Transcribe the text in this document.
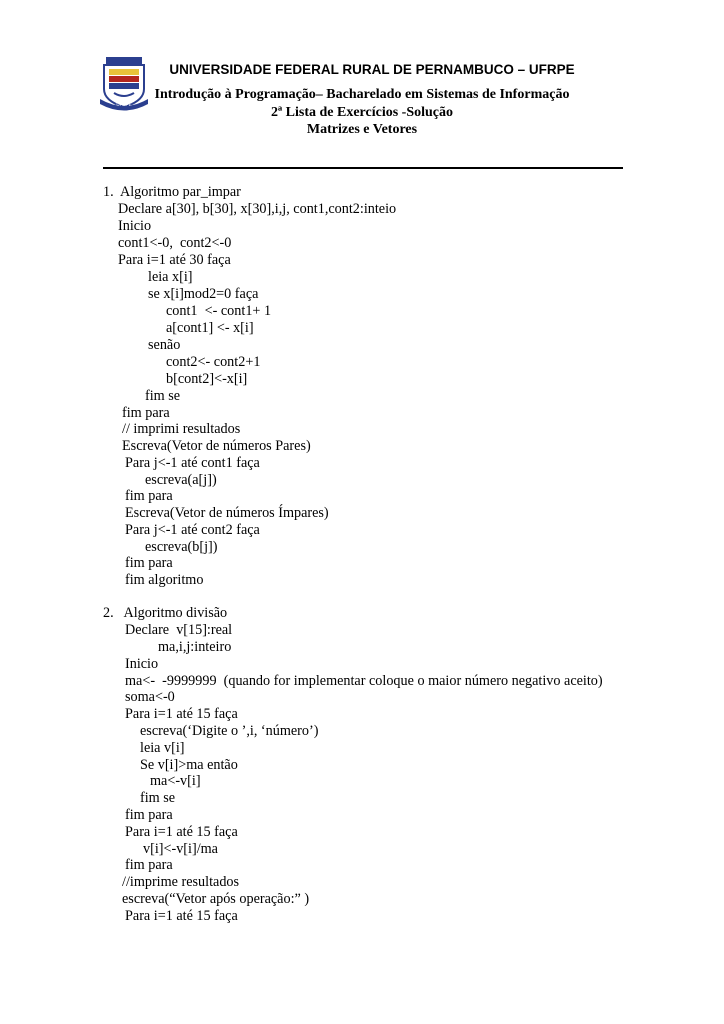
UFRPE
UNIVERSIDADE FEDERAL RURAL DE PERNAMBUCO – UFRPE
Introdução à Programação– Bacharelado em Sistemas de Informação
2ª Lista de Exercícios -Solução
Matrizes e Vetores
1.  Algoritmo par_impar
Declare a[30], b[30], x[30],i,j, cont1,cont2:inteio
Inicio
cont1<-0,  cont2<-0
Para i=1 até 30 faça
leia x[i]
se x[i]mod2=0 faça
cont1  <- cont1+ 1
a[cont1] <- x[i]
senão
cont2<- cont2+1
b[cont2]<-x[i]
fim se
fim para
// imprimi resultados
Escreva(Vetor de números Pares)
Para j<-1 até cont1 faça
escreva(a[j])
fim para
Escreva(Vetor de números Ímpares)
Para j<-1 até cont2 faça
escreva(b[j])
fim para
fim algoritmo
2.   Algoritmo divisão
Declare  v[15]:real
ma,i,j:inteiro
Inicio
ma<-  -9999999  (quando for implementar coloque o maior número negativo aceito)
soma<-0
Para i=1 até 15 faça
escreva(‘Digite o ’,i, ‘número’)
leia v[i]
Se v[i]>ma então
ma<-v[i]
fim se
fim para
Para i=1 até 15 faça
v[i]<-v[i]/ma
fim para
//imprime resultados
escreva(“Vetor após operação:” )
Para i=1 até 15 faça
